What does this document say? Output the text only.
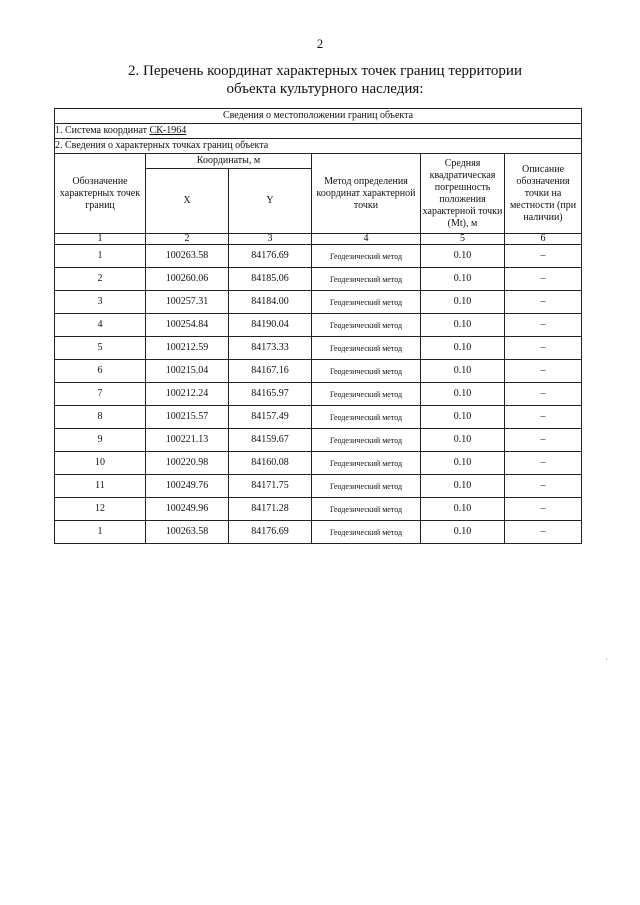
2
2. Перечень координат характерных точек границ территории
объекта культурного наследия:
Сведения о местоположении границ объекта					
1. Система координат СК-1964					
2. Сведения о характерных точках границ объекта					
Обозначение характерных точек границ	Координаты, м		Метод определения координат характерной точки	Средняя квадратическая погрешность положения характерной точки (Mt), м	Описание обозначения точки на местности (при наличии)
	X	Y			
1	2	3	4	5	6
1	100263.58	84176.69	Геодезический метод	0.10	–
2	100260.06	84185.06	Геодезический метод	0.10	–
3	100257.31	84184.00	Геодезический метод	0.10	–
4	100254.84	84190.04	Геодезический метод	0.10	–
5	100212.59	84173.33	Геодезический метод	0.10	–
6	100215.04	84167.16	Геодезический метод	0.10	–
7	100212.24	84165.97	Геодезический метод	0.10	–
8	100215.57	84157.49	Геодезический метод	0.10	–
9	100221.13	84159.67	Геодезический метод	0.10	–
10	100220.98	84160.08	Геодезический метод	0.10	–
11	100249.76	84171.75	Геодезический метод	0.10	–
12	100249.96	84171.28	Геодезический метод	0.10	–
1	100263.58	84176.69	Геодезический метод	0.10	–
